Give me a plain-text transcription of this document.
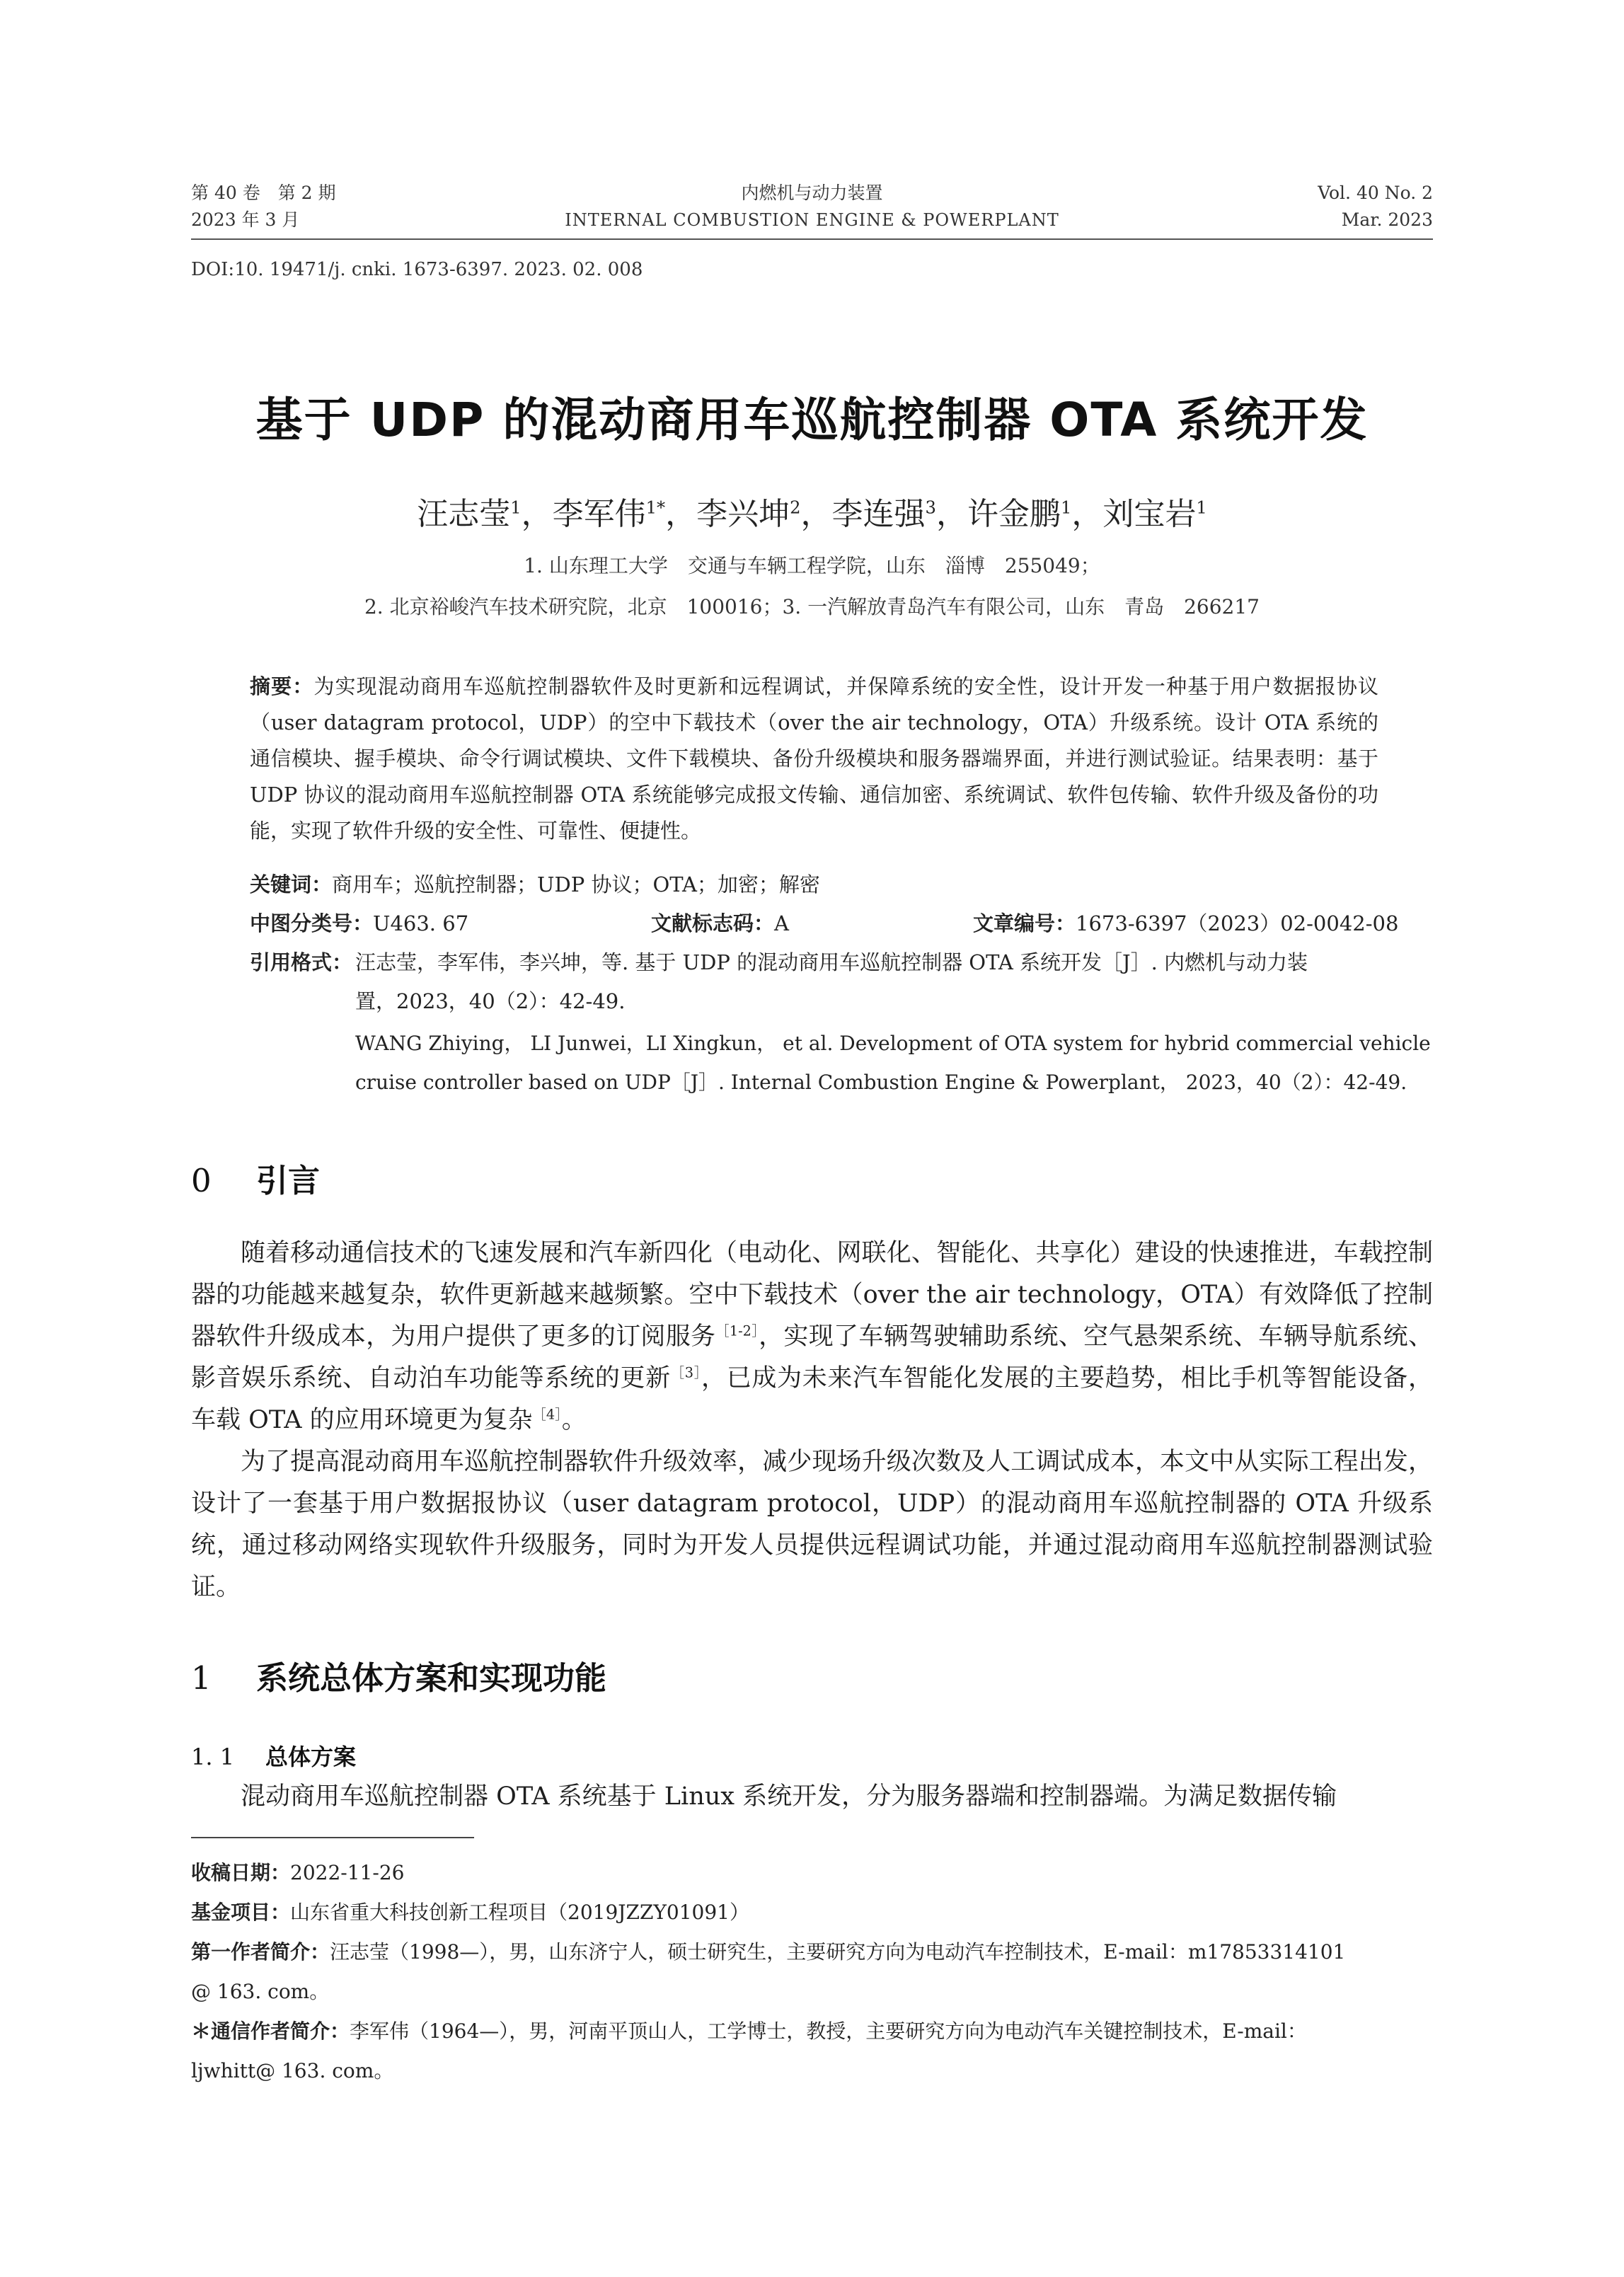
第 40 卷　第 2 期
2023 年 3 月
内燃机与动力装置
INTERNAL COMBUSTION ENGINE & POWERPLANT
Vol. 40 No. 2
Mar. 2023
DOI:10. 19471/j. cnki. 1673-6397. 2023. 02. 008
基于 UDP 的混动商用车巡航控制器 OTA 系统开发
汪志莹$^1$，李军伟$^{1*}$，李兴坤$^2$，李连强$^3$，许金鹏$^1$，刘宝岩$^1$
1. 山东理工大学　交通与车辆工程学院，山东　淄博　255049；
2. 北京裕峻汽车技术研究院，北京　100016；3. 一汽解放青岛汽车有限公司，山东　青岛　266217
摘要：为实现混动商用车巡航控制器软件及时更新和远程调试，并保障系统的安全性，设计开发一种基于用户数据报协议（user datagram protocol，UDP）的空中下载技术（over the air technology，OTA）升级系统。设计 OTA 系统的通信模块、握手模块、命令行调试模块、文件下载模块、备份升级模块和服务器端界面，并进行测试验证。结果表明：基于 UDP 协议的混动商用车巡航控制器 OTA 系统能够完成报文传输、通信加密、系统调试、软件包传输、软件升级及备份的功能，实现了软件升级的安全性、可靠性、便捷性。
关键词：商用车；巡航控制器；UDP 协议；OTA；加密；解密
中图分类号：U463. 67	文献标志码：A	文章编号：1673-6397（2023）02-0042-08
引用格式： 汪志莹，李军伟，李兴坤，等. 基于 UDP 的混动商用车巡航控制器 OTA 系统开发［J］. 内燃机与动力装
置，2023，40（2）：42-49.
WANG Zhiying， LI Junwei，LI Xingkun， et al. Development of OTA system for hybrid commercial vehicle
cruise controller based on UDP［J］. Internal Combustion Engine & Powerplant， 2023，40（2）：42-49.
0 引言
随着移动通信技术的飞速发展和汽车新四化（电动化、网联化、智能化、共享化）建设的快速推进，车载控制器的功能越来越复杂，软件更新越来越频繁。空中下载技术（over the air technology，OTA）有效降低了控制器软件升级成本，为用户提供了更多的订阅服务$^{[1-2]}$，实现了车辆驾驶辅助系统、空气悬架系统、车辆导航系统、影音娱乐系统、自动泊车功能等系统的更新$^{[3]}$，已成为未来汽车智能化发展的主要趋势，相比手机等智能设备，车载 OTA 的应用环境更为复杂$^{[4]}$。
为了提高混动商用车巡航控制器软件升级效率，减少现场升级次数及人工调试成本，本文中从实际工程出发，设计了一套基于用户数据报协议（user datagram protocol，UDP）的混动商用车巡航控制器的 OTA 升级系统，通过移动网络实现软件升级服务，同时为开发人员提供远程调试功能，并通过混动商用车巡航控制器测试验证。
1 系统总体方案和实现功能
1. 1 总体方案
混动商用车巡航控制器 OTA 系统基于 Linux 系统开发，分为服务器端和控制器端。为满足数据传输
收稿日期：2022-11-26
基金项目：山东省重大科技创新工程项目（2019JZZY01091）
第一作者简介：汪志莹（1998—），男，山东济宁人，硕士研究生，主要研究方向为电动汽车控制技术，E-mail：m17853314101
@ 163. com。
＊通信作者简介：李军伟（1964—），男，河南平顶山人，工学博士，教授，主要研究方向为电动汽车关键控制技术，E-mail：
ljwhitt@ 163. com。
